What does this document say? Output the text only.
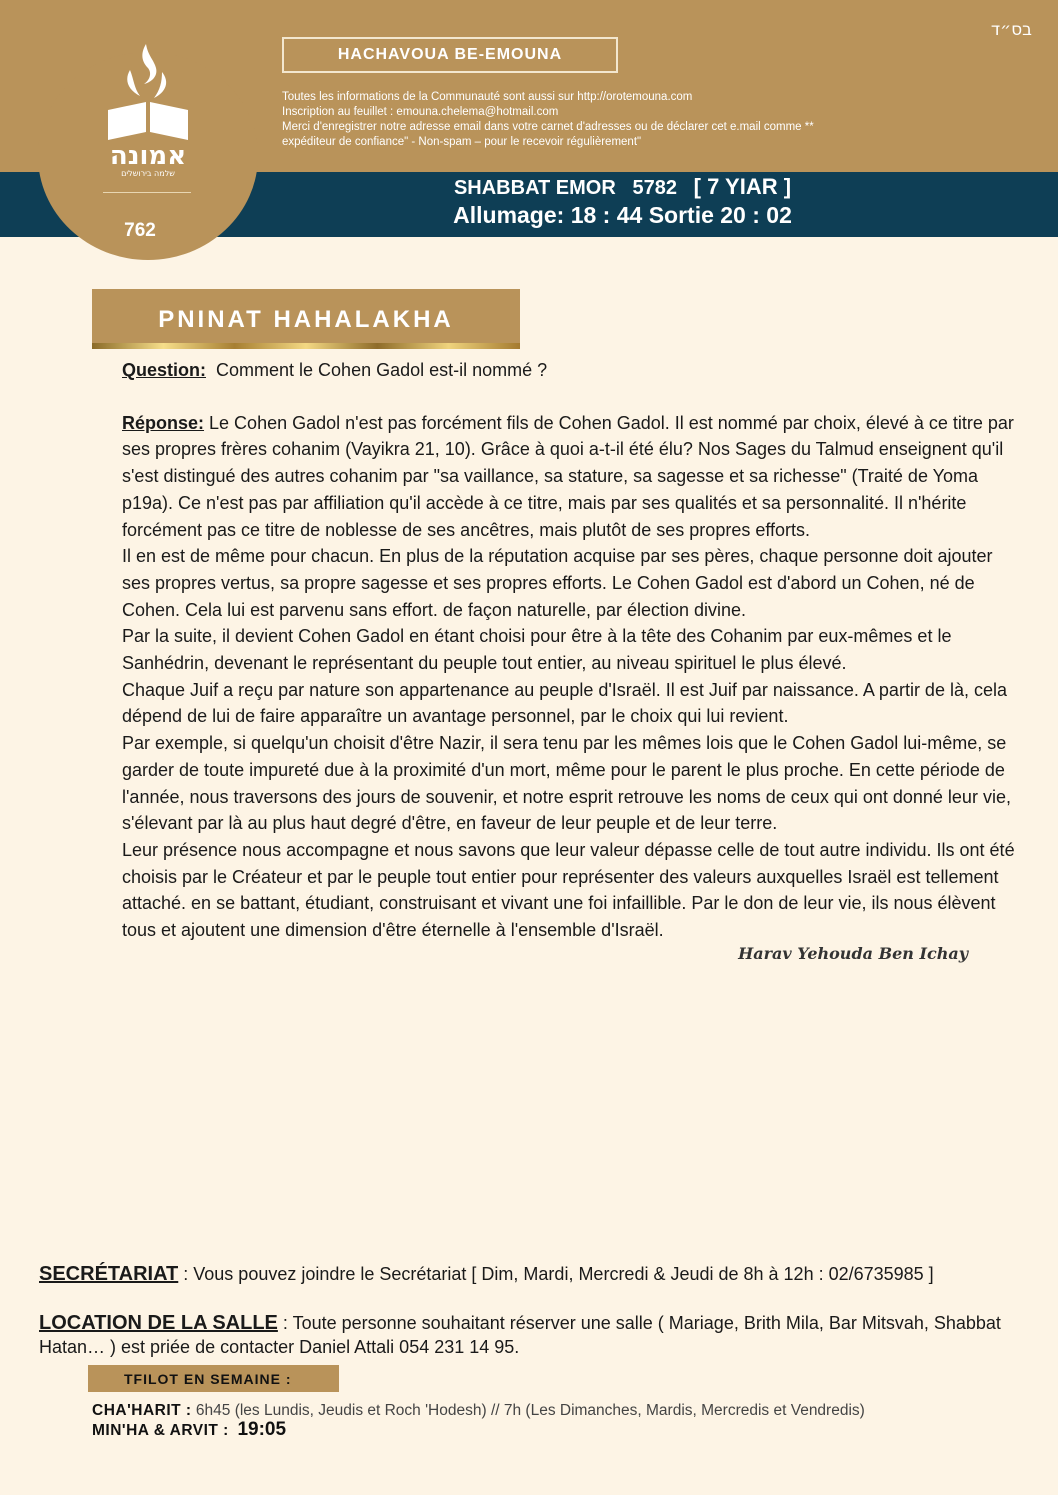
אמונה
שלמה בירושלים
762
בס״ד
HACHAVOUA BE-EMOUNA
Toutes les informations de la Communauté sont aussi sur http://orotemouna.com
Inscription au feuillet : emouna.chelema@hotmail.com
Merci d'enregistrer notre adresse email dans votre carnet d'adresses ou de déclarer cet e.mail comme **
expéditeur de confiance" - Non-spam – pour le recevoir régulièrement"
SHABBAT EMOR 5782 [ 7 YIAR ]
Allumage: 18 : 44 Sortie 20 : 02
PNINAT HAHALAKHA

Question: Comment le Cohen Gadol est-il nommé ?

Réponse: Le Cohen Gadol n'est pas forcément fils de Cohen Gadol. Il est nommé par choix, élevé à ce titre par ses propres frères cohanim (Vayikra 21, 10). Grâce à quoi a-t-il été élu? Nos Sages du Talmud enseignent qu'il s'est distingué des autres cohanim par "sa vaillance, sa stature, sa sagesse et sa richesse" (Traité de Yoma p19a). Ce n'est pas par affiliation qu'il accède à ce titre, mais par ses qualités et sa personnalité. Il n'hérite forcément pas ce titre de noblesse de ses ancêtres, mais plutôt de ses propres efforts.

Il en est de même pour chacun. En plus de la réputation acquise par ses pères, chaque personne doit ajouter ses propres vertus, sa propre sagesse et ses propres efforts. Le Cohen Gadol est d'abord un Cohen, né de Cohen. Cela lui est parvenu sans effort. de façon naturelle, par élection divine.

Par la suite, il devient Cohen Gadol en étant choisi pour être à la tête des Cohanim par eux-mêmes et le Sanhédrin, devenant le représentant du peuple tout entier, au niveau spirituel le plus élevé.

Chaque Juif a reçu par nature son appartenance au peuple d'Israël. Il est Juif par naissance. A partir de là, cela dépend de lui de faire apparaître un avantage personnel, par le choix qui lui revient.

Par exemple, si quelqu'un choisit d'être Nazir, il sera tenu par les mêmes lois que le Cohen Gadol lui-même, se garder de toute impureté due à la proximité d'un mort, même pour le parent le plus proche. En cette période de l'année, nous traversons des jours de souvenir, et notre esprit retrouve les noms de ceux qui ont donné leur vie, s'élevant par là au plus haut degré d'être, en faveur de leur peuple et de leur terre.

Leur présence nous accompagne et nous savons que leur valeur dépasse celle de tout autre individu. Ils ont été choisis par le Créateur et par le peuple tout entier pour représenter des valeurs auxquelles Israël est tellement attaché. en se battant, étudiant, construisant et vivant une foi infaillible. Par le don de leur vie, ils nous élèvent tous et ajoutent une dimension d'être éternelle à l'ensemble d'Israël.

Harav Yehouda Ben Ichay
SECRÉTARIAT : Vous pouvez joindre le Secrétariat [ Dim, Mardi, Mercredi & Jeudi de 8h à 12h : 02/6735985 ]
LOCATION DE LA SALLE : Toute personne souhaitant réserver une salle ( Mariage, Brith Mila, Bar Mitsvah, Shabbat Hatan… ) est priée de contacter Daniel Attali 054 231 14 95.
TFILOT EN SEMAINE :
CHA'HARIT : 6h45 (les Lundis, Jeudis et Roch 'Hodesh) // 7h (Les Dimanches, Mardis, Mercredis et Vendredis)
MIN'HA & ARVIT : 19:05
